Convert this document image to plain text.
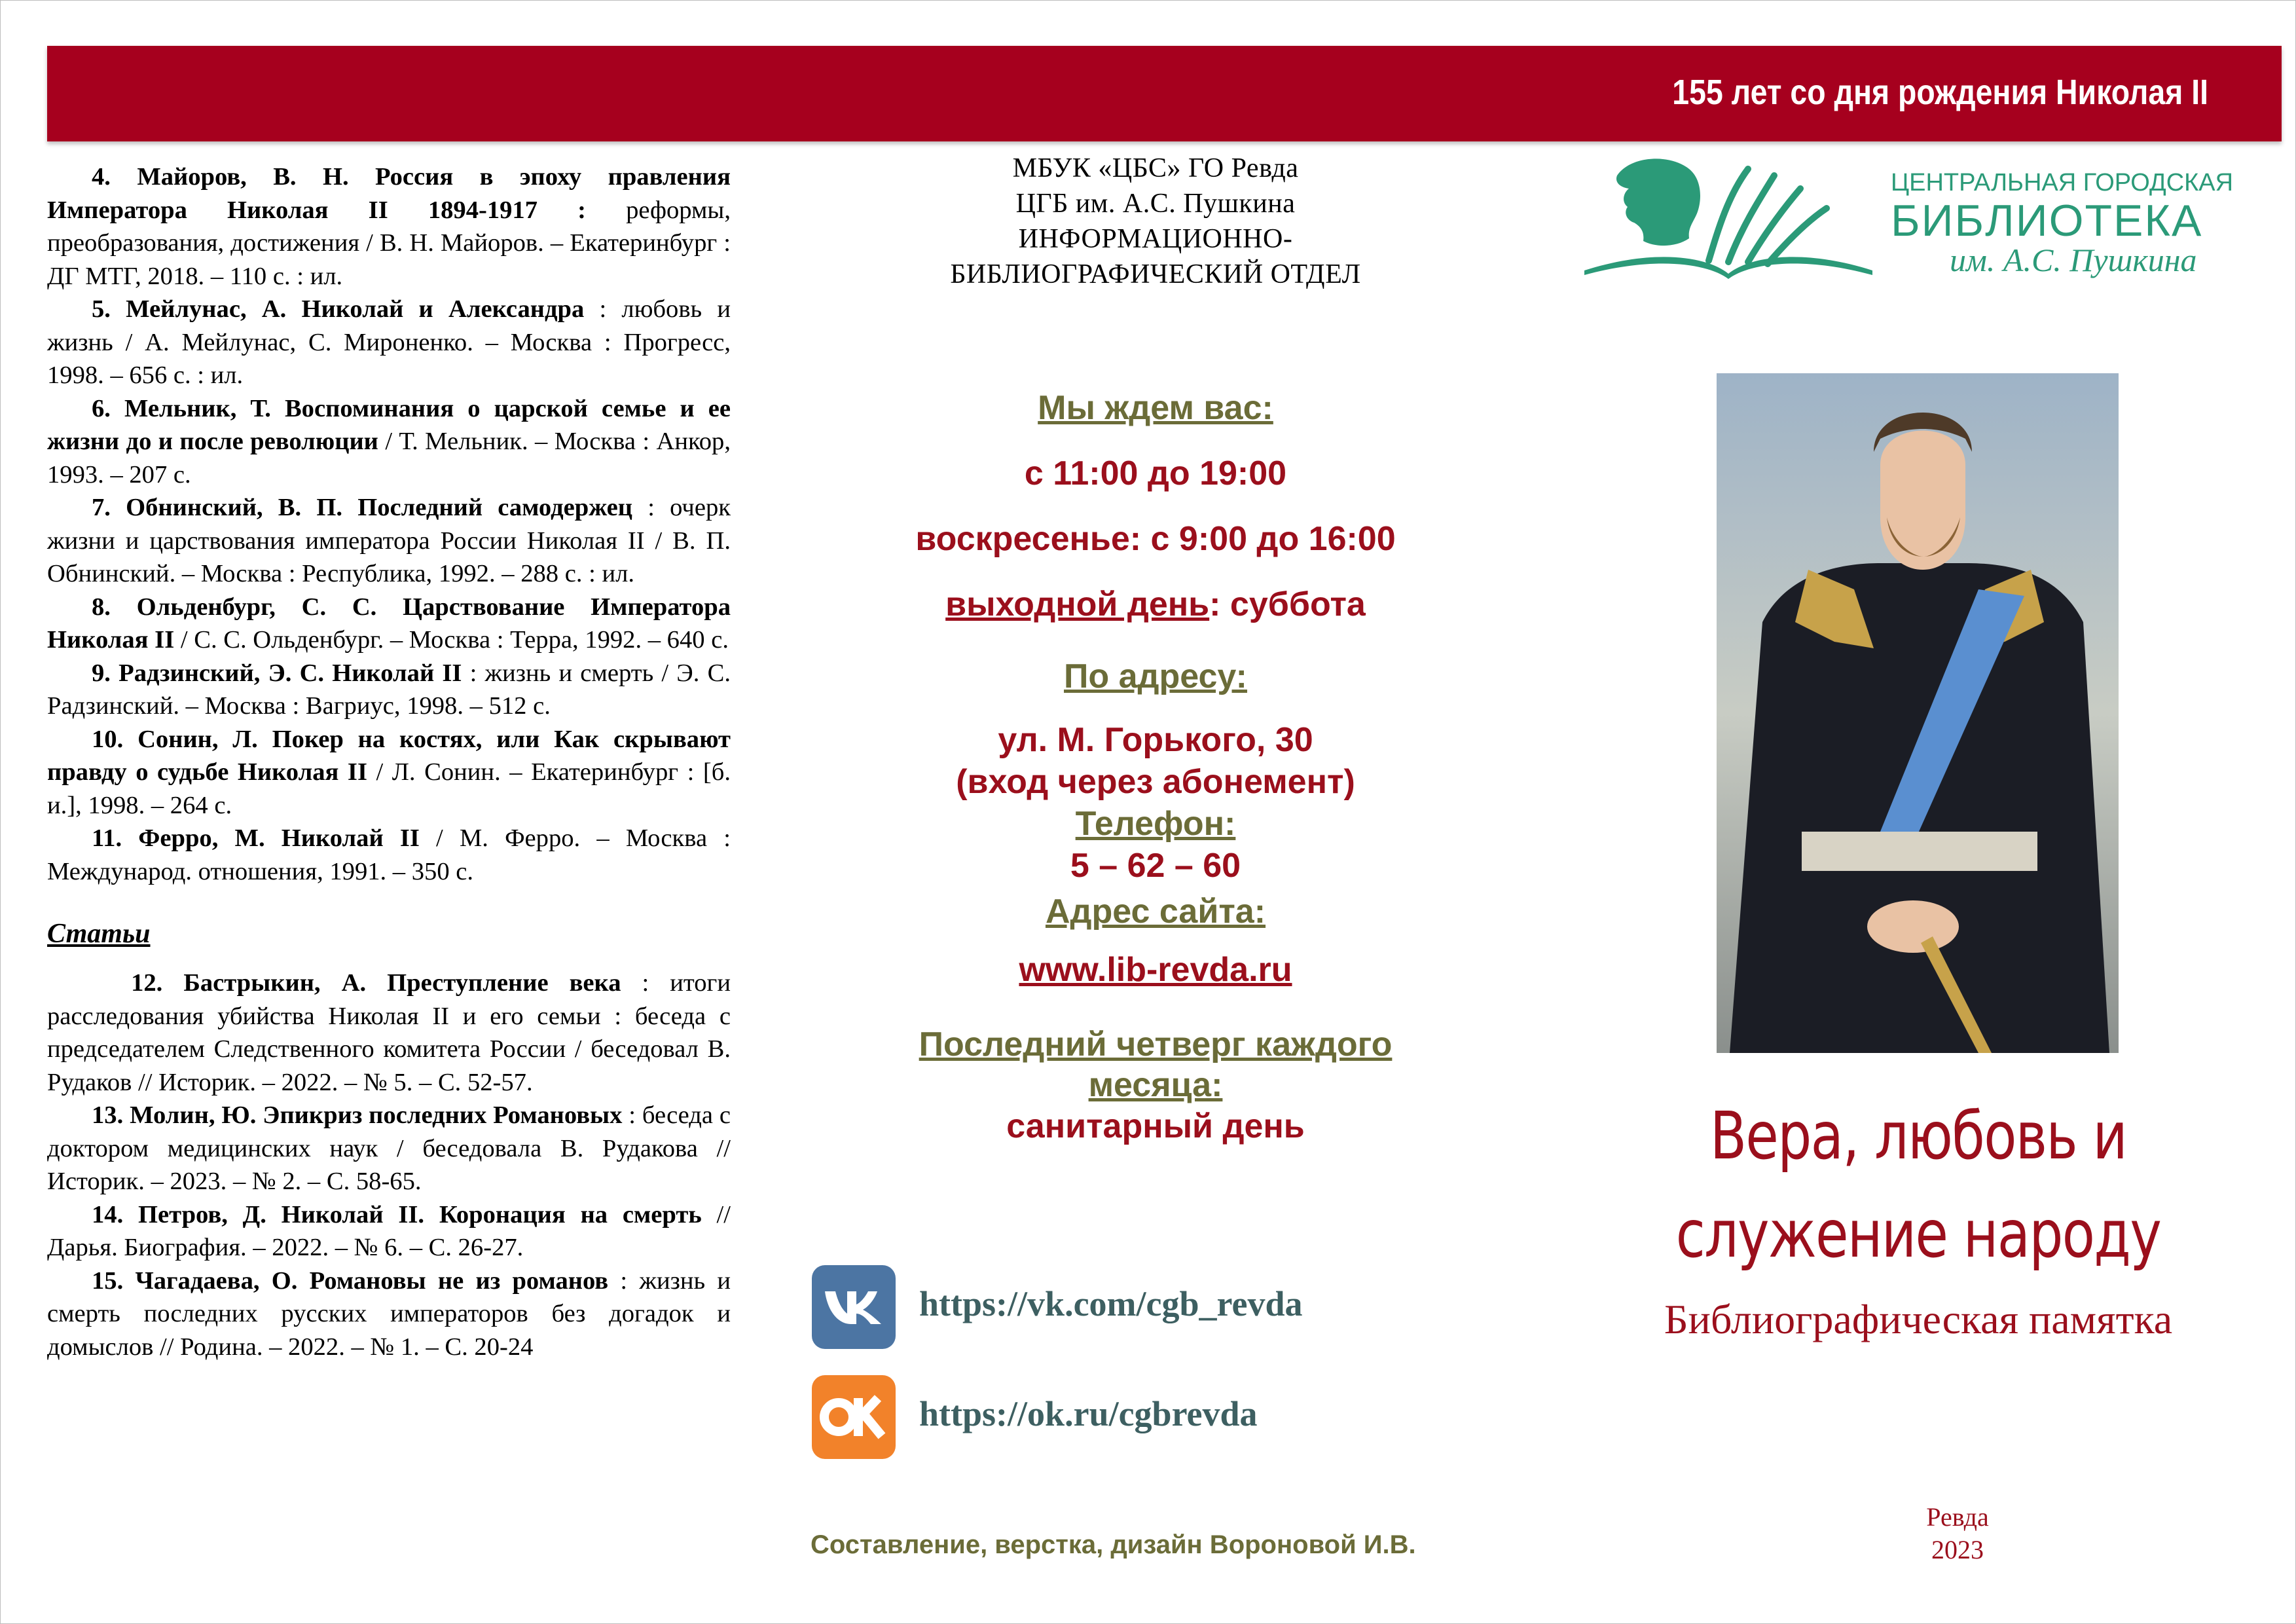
155 лет со дня рождения Николая II

4. Майоров, В. Н. Россия в эпоху правления Императора Николая II 1894-1917 : реформы, преобразования, достижения / В. Н. Майоров. – Екатеринбург : ДГ МТГ, 2018. – 110 с. : ил.

5. Мейлунас, А. Николай и Александра : любовь и жизнь / А. Мейлунас, С. Мироненко. – Москва : Прогресс, 1998. – 656 с. : ил.

6. Мельник, Т. Воспоминания о царской семье и ее жизни до и после революции / Т. Мельник. – Москва : Анкор, 1993. – 207 с.

7. Обнинский, В. П. Последний самодержец : очерк жизни и царствования императора России Николая II / В. П. Обнинский. – Москва : Республика, 1992. – 288 с. : ил.

8. Ольденбург, С. С. Царствование Императора Николая II / С. С. Ольденбург. – Москва : Терра, 1992. – 640 с.

9. Радзинский, Э. С. Николай II : жизнь и смерть / Э. С. Радзинский. – Москва : Вагриус, 1998. – 512 с.

10. Сонин, Л. Покер на костях, или Как скрывают правду о судьбе Николая II / Л. Сонин. – Екатеринбург : [б. и.], 1998. – 264 с.

11. Ферро, М. Николай II / М. Ферро. – Москва : Международ. отношения, 1991. – 350 с.

Статьи

12. Бастрыкин, А. Преступление века : итоги расследования убийства Николая II и его семьи : беседа с председателем Следственного комитета России / беседовал В. Рудаков // Историк. – 2022. – № 5. – С. 52-57.

13. Молин, Ю. Эпикриз последних Романовых : беседа с доктором медицинских наук / беседовала В. Рудакова // Историк. – 2023. – № 2. – С. 58-65.

14. Петров, Д. Николай II. Коронация на смерть // Дарья. Биография. – 2022. – № 6. – С. 26-27.

15. Чагадаева, О. Романовы не из романов : жизнь и смерть последних русских императоров без догадок и домыслов // Родина. – 2022. – № 1. – С. 20-24

МБУК «ЦБС» ГО Ревда
ЦГБ им. А.С. Пушкина
ИНФОРМАЦИОННО-
БИБЛИОГРАФИЧЕСКИЙ ОТДЕЛ
Мы ждем вас:
с 11:00 до 19:00
воскресенье: с 9:00 до 16:00
выходной день: суббота
По адресу:
ул. М. Горького, 30
(вход через абонемент)
Телефон:
5 – 62 – 60
Адрес сайта:
www.lib-revda.ru
Последний четверг каждого месяца:
санитарный день
https://vk.com/cgb_revda
https://ok.ru/cgbrevda
Составление, верстка, дизайн Вороновой И.В.
ЦЕНТРАЛЬНАЯ ГОРОДСКАЯ
БИБЛИОТЕКА
им. А.С. Пушкина
Вера, любовь и
служение народу
Библиографическая памятка
Ревда
2023
